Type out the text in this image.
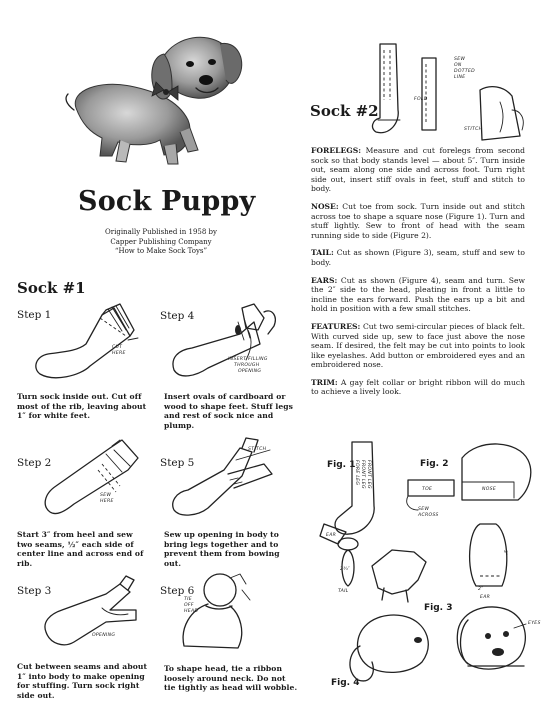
Sock Puppy
Originally Published in 1958 by
Capper Publishing Company
“How to Make Sock Toys”
Sock #1
Step 1	Step 4
Step 2	Step 5
Step 3	Step 6
CUT
HERE
INSERT FILLING
THROUGH
OPENING
SEW
HERE
STITCH
OPENING
TIE
OFF
HEAD
Turn sock inside out. Cut off most of the rib, leaving about 1″ for white feet.
Insert ovals of cardboard or wood to shape feet. Stuff legs and rest of sock nice and plump.
Start 3″ from heel and sew two seams, ½″ each side of center line and across end of rib.
Sew up opening in body to bring legs together and to prevent them from bowing out.
Cut between seams and about 1″ into body to make opening for stuffing. Turn sock right side out.
To shape head, tie a ribbon loosely around neck. Do not tie tightly as head will wobble.
Sock #2
FOLD
SEW
ON
DOTTED
LINE
STITCH

FORELEGS: Measure and cut forelegs from second sock so that body stands level — about 5″. Turn inside out, seam along one side and across foot. Turn right side out, insert stiff ovals in feet, stuff and stitch to body.

NOSE: Cut toe from sock. Turn inside out and stitch across toe to shape a square nose (Figure 1). Turn and stuff lightly. Sew to front of head with the seam running side to side (Figure 2).

TAIL: Cut as shown (Figure 3), seam, stuff and sew to body.

EARS: Cut as shown (Figure 4), seam and turn. Sew the 2″ side to the head, pleating in front a little to incline the ears forward. Push the ears up a bit and hold in position with a few small stitches.

FEATURES: Cut two semi-circular pieces of black felt. With curved side up, sew to face just above the nose seam. If desired, the felt may be cut into points to look like eyelashes. Add button or embroidered eyes and an embroidered nose.

TRIM: A gay felt collar or bright ribbon will do much to achieve a lively look.

Fig. 1	Fig. 2
Fig. 3
Fig. 4
FORE LEG FRONT LEG FRONT LEG
EAR
TOE
SEW
ACROSS
NOSE
2¾″
TAIL	2″
EAR
3″
EYES
